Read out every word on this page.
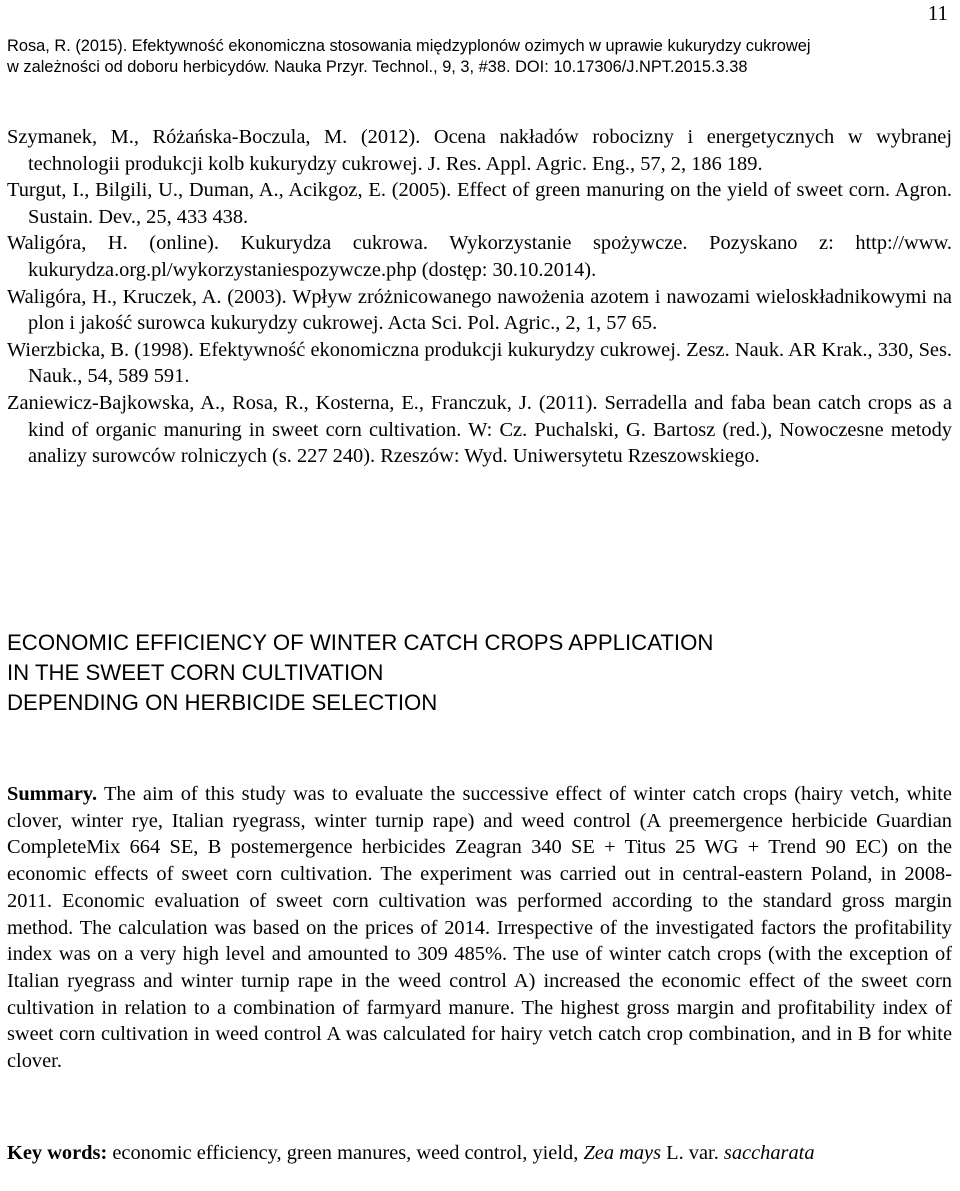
11
Rosa, R. (2015). Efektywność ekonomiczna stosowania międzyplonów ozimych w uprawie kukurydzy cukrowej
w zależności od doboru herbicydów. Nauka Przyr. Technol., 9, 3, #38. DOI: 10.17306/J.NPT.2015.3.38
Szymanek, M., Różańska-Boczula, M. (2012). Ocena nakładów robocizny i energetycznych w wybranej technologii produkcji kolb kukurydzy cukrowej. J. Res. Appl. Agric. Eng., 57, 2, 186 189.
Turgut, I., Bilgili, U., Duman, A., Acikgoz, E. (2005). Effect of green manuring on the yield of sweet corn. Agron. Sustain. Dev., 25, 433 438.
Waligóra, H. (online). Kukurydza cukrowa. Wykorzystanie spożywcze. Pozyskano z: http://www. kukurydza.org.pl/wykorzystaniespozywcze.php (dostęp: 30.10.2014).
Waligóra, H., Kruczek, A. (2003). Wpływ zróżnicowanego nawożenia azotem i nawozami wieloskładnikowymi na plon i jakość surowca kukurydzy cukrowej. Acta Sci. Pol. Agric., 2, 1, 57 65.
Wierzbicka, B. (1998). Efektywność ekonomiczna produkcji kukurydzy cukrowej. Zesz. Nauk. AR Krak., 330, Ses. Nauk., 54, 589 591.
Zaniewicz-Bajkowska, A., Rosa, R., Kosterna, E., Franczuk, J. (2011). Serradella and faba bean catch crops as a kind of organic manuring in sweet corn cultivation. W: Cz. Puchalski, G. Bartosz (red.), Nowoczesne metody analizy surowców rolniczych (s. 227 240). Rzeszów: Wyd. Uniwersytetu Rzeszowskiego.
ECONOMIC EFFICIENCY OF WINTER CATCH CROPS APPLICATION
IN THE SWEET CORN CULTIVATION
DEPENDING ON HERBICIDE SELECTION
Summary. The aim of this study was to evaluate the successive effect of winter catch crops (hairy vetch, white clover, winter rye, Italian ryegrass, winter turnip rape) and weed control (A preemergence herbicide Guardian CompleteMix 664 SE, B postemergence herbicides Zeagran 340 SE + Titus 25 WG + Trend 90 EC) on the economic effects of sweet corn cultivation. The experiment was carried out in central-eastern Poland, in 2008-2011. Economic evaluation of sweet corn cultivation was performed according to the standard gross margin method. The calculation was based on the prices of 2014. Irrespective of the investigated factors the profitability index was on a very high level and amounted to 309 485%. The use of winter catch crops (with the exception of Italian ryegrass and winter turnip rape in the weed control A) increased the economic effect of the sweet corn cultivation in relation to a combination of farmyard manure. The highest gross margin and profitability index of sweet corn cultivation in weed control A was calculated for hairy vetch catch crop combination, and in B for white clover.
Key words: economic efficiency, green manures, weed control, yield, Zea mays L. var. saccharata
